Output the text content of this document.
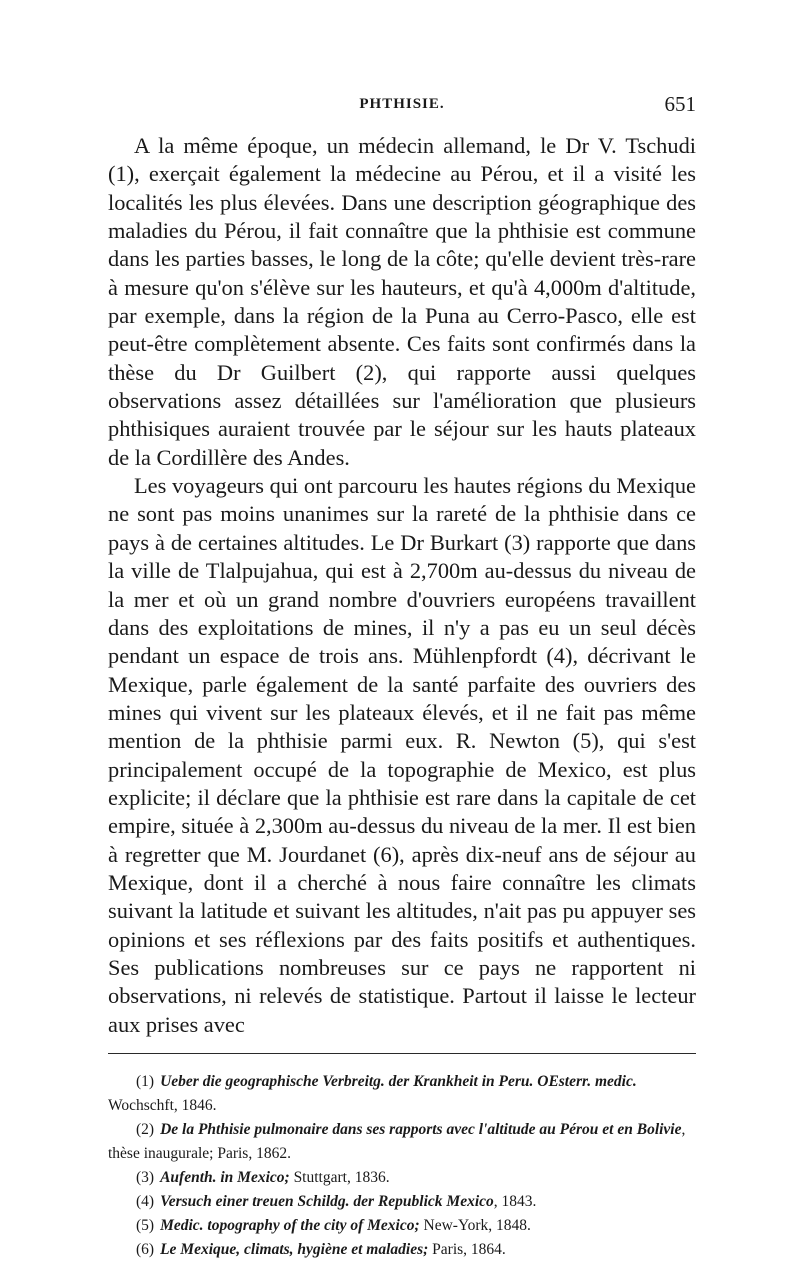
PHTHISIE.	651

A la même époque, un médecin allemand, le Dr V. Tschudi (1), exerçait également la médecine au Pérou, et il a visité les localités les plus élevées. Dans une description géographique des maladies du Pérou, il fait connaître que la phthisie est commune dans les parties basses, le long de la côte; qu'elle devient très-rare à mesure qu'on s'élève sur les hauteurs, et qu'à 4,000m d'altitude, par exemple, dans la région de la Puna au Cerro-Pasco, elle est peut-être complètement absente. Ces faits sont confirmés dans la thèse du Dr Guilbert (2), qui rapporte aussi quelques observations assez détaillées sur l'amélioration que plusieurs phthisiques auraient trouvée par le séjour sur les hauts plateaux de la Cordillère des Andes.

Les voyageurs qui ont parcouru les hautes régions du Mexique ne sont pas moins unanimes sur la rareté de la phthisie dans ce pays à de certaines altitudes. Le Dr Burkart (3) rapporte que dans la ville de Tlalpujahua, qui est à 2,700m au-dessus du niveau de la mer et où un grand nombre d'ouvriers européens travaillent dans des exploitations de mines, il n'y a pas eu un seul décès pendant un espace de trois ans. Mühlenpfordt (4), décrivant le Mexique, parle également de la santé parfaite des ouvriers des mines qui vivent sur les plateaux élevés, et il ne fait pas même mention de la phthisie parmi eux. R. Newton (5), qui s'est principalement occupé de la topographie de Mexico, est plus explicite; il déclare que la phthisie est rare dans la capitale de cet empire, située à 2,300m au-dessus du niveau de la mer. Il est bien à regretter que M. Jourdanet (6), après dix-neuf ans de séjour au Mexique, dont il a cherché à nous faire connaître les climats suivant la latitude et suivant les altitudes, n'ait pas pu appuyer ses opinions et ses réflexions par des faits positifs et authentiques. Ses publications nombreuses sur ce pays ne rapportent ni observations, ni relevés de statistique. Partout il laisse le lecteur aux prises avec

(1) Ueber die geographische Verbreitg. der Krankheit in Peru. OEsterr. medic. Wochschft, 1846.

(2) De la Phthisie pulmonaire dans ses rapports avec l'altitude au Pérou et en Bolivie, thèse inaugurale; Paris, 1862.

(3) Aufenth. in Mexico; Stuttgart, 1836.

(4) Versuch einer treuen Schildg. der Republick Mexico, 1843.

(5) Medic. topography of the city of Mexico; New-York, 1848.

(6) Le Mexique, climats, hygiène et maladies; Paris, 1864.
